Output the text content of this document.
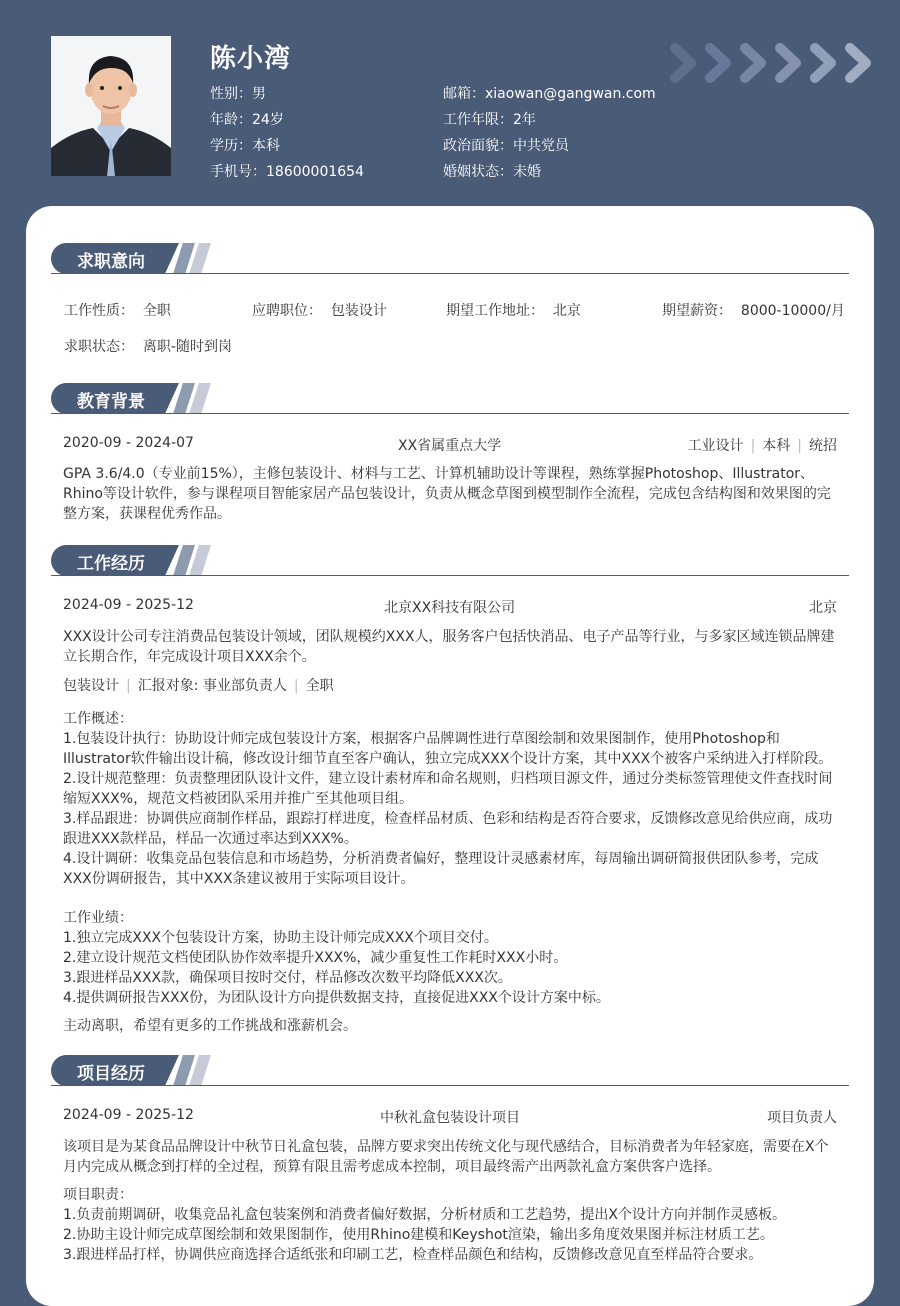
陈小湾
性别：男
年龄：24岁
学历：本科
手机号：18600001654
邮箱：xiaowan@gangwan.com
工作年限：2年
政治面貌：中共党员
婚姻状态：未婚
求职意向
工作性质： 全职	应聘职位： 包装设计	期望工作地址： 北京	期望薪资： 8000-10000/月
求职状态： 离职-随时到岗
教育背景
2020-09 - 2024-07	XX省属重点大学	工业设计 | 本科 | 统招
GPA 3.6/4.0（专业前15%），主修包装设计、材料与工艺、计算机辅助设计等课程，熟练掌握Photoshop、Illustrator、Rhino等设计软件，参与课程项目智能家居产品包装设计，负责从概念草图到模型制作全流程，完成包含结构图和效果图的完整方案，获课程优秀作品。
工作经历
2024-09 - 2025-12	北京XX科技有限公司	北京
XXX设计公司专注消费品包装设计领域，团队规模约XXX人，服务客户包括快消品、电子产品等行业，与多家区域连锁品牌建立长期合作，年完成设计项目XXX余个。
包装设计 | 汇报对象: 事业部负责人 | 全职
工作概述：
1.包装设计执行：协助设计师完成包装设计方案，根据客户品牌调性进行草图绘制和效果图制作，使用Photoshop和Illustrator软件输出设计稿，修改设计细节直至客户确认，独立完成XXX个设计方案，其中XXX个被客户采纳进入打样阶段。
2.设计规范整理：负责整理团队设计文件，建立设计素材库和命名规则，归档项目源文件，通过分类标签管理使文件查找时间缩短XXX%，规范文档被团队采用并推广至其他项目组。
3.样品跟进：协调供应商制作样品，跟踪打样进度，检查样品材质、色彩和结构是否符合要求，反馈修改意见给供应商，成功跟进XXX款样品，样品一次通过率达到XXX%。
4.设计调研：收集竞品包装信息和市场趋势，分析消费者偏好，整理设计灵感素材库，每周输出调研简报供团队参考，完成XXX份调研报告，其中XXX条建议被用于实际项目设计。
工作业绩：
1.独立完成XXX个包装设计方案，协助主设计师完成XXX个项目交付。
2.建立设计规范文档使团队协作效率提升XXX%，减少重复性工作耗时XXX小时。
3.跟进样品XXX款，确保项目按时交付，样品修改次数平均降低XXX次。
4.提供调研报告XXX份，为团队设计方向提供数据支持，直接促进XXX个设计方案中标。
主动离职，希望有更多的工作挑战和涨薪机会。
项目经历
2024-09 - 2025-12	中秋礼盒包装设计项目	项目负责人
该项目是为某食品品牌设计中秋节日礼盒包装，品牌方要求突出传统文化与现代感结合，目标消费者为年轻家庭，需要在X个月内完成从概念到打样的全过程，预算有限且需考虑成本控制，项目最终需产出两款礼盒方案供客户选择。
项目职责：
1.负责前期调研，收集竞品礼盒包装案例和消费者偏好数据，分析材质和工艺趋势，提出X个设计方向并制作灵感板。
2.协助主设计师完成草图绘制和效果图制作，使用Rhino建模和Keyshot渲染，输出多角度效果图并标注材质工艺。
3.跟进样品打样，协调供应商选择合适纸张和印刷工艺，检查样品颜色和结构，反馈修改意见直至样品符合要求。
